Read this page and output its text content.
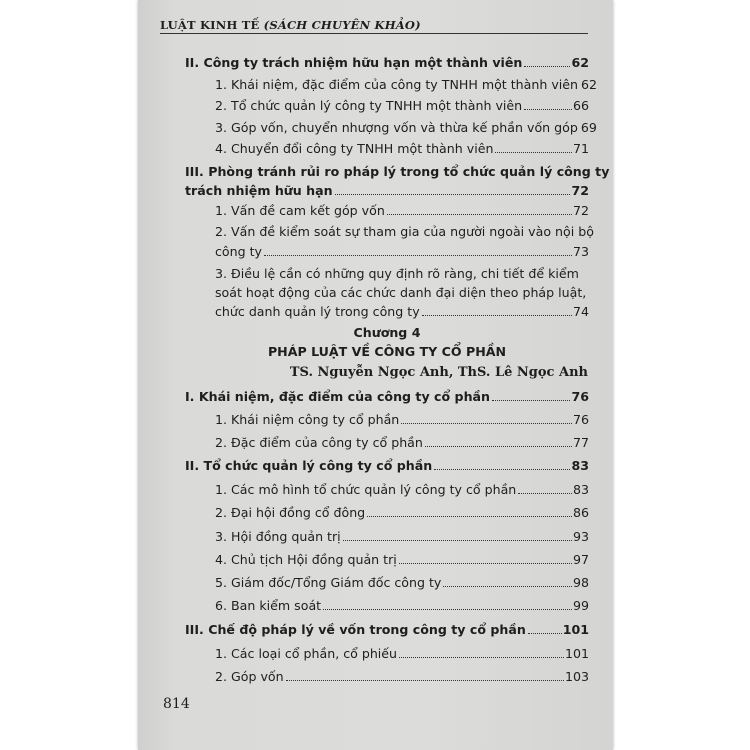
LUẬT KINH TẾ (SÁCH CHUYÊN KHẢO)
II. Công ty trách nhiệm hữu hạn một thành viên	62
1. Khái niệm, đặc điểm của công ty TNHH một thành viên 62
2. Tổ chức quản lý công ty TNHH một thành viên	66
3. Góp vốn, chuyển nhượng vốn và thừa kế phần vốn góp 69
4. Chuyển đổi công ty TNHH một thành viên	71
III. Phòng tránh rủi ro pháp lý trong tổ chức quản lý công ty
trách nhiệm hữu hạn	72
1. Vấn đề cam kết góp vốn	72
2. Vấn đề kiểm soát sự tham gia của người ngoài vào nội bộ
công ty	73
3. Điều lệ cần có những quy định rõ ràng, chi tiết để kiểm
soát hoạt động của các chức danh đại diện theo pháp luật,
chức danh quản lý trong công ty	74
Chương 4
PHÁP LUẬT VỀ CÔNG TY CỔ PHẦN
TS. Nguyễn Ngọc Anh, ThS. Lê Ngọc Anh
I. Khái niệm, đặc điểm của công ty cổ phần	76
1. Khái niệm công ty cổ phần	76
2. Đặc điểm của công ty cổ phần	77
II. Tổ chức quản lý công ty cổ phần	83
1. Các mô hình tổ chức quản lý công ty cổ phần	83
2. Đại hội đồng cổ đông	86
3. Hội đồng quản trị	93
4. Chủ tịch Hội đồng quản trị	97
5. Giám đốc/Tổng Giám đốc công ty	98
6. Ban kiểm soát	99
III. Chế độ pháp lý về vốn trong công ty cổ phần	101
1. Các loại cổ phần, cổ phiếu	101
2. Góp vốn	103
814
